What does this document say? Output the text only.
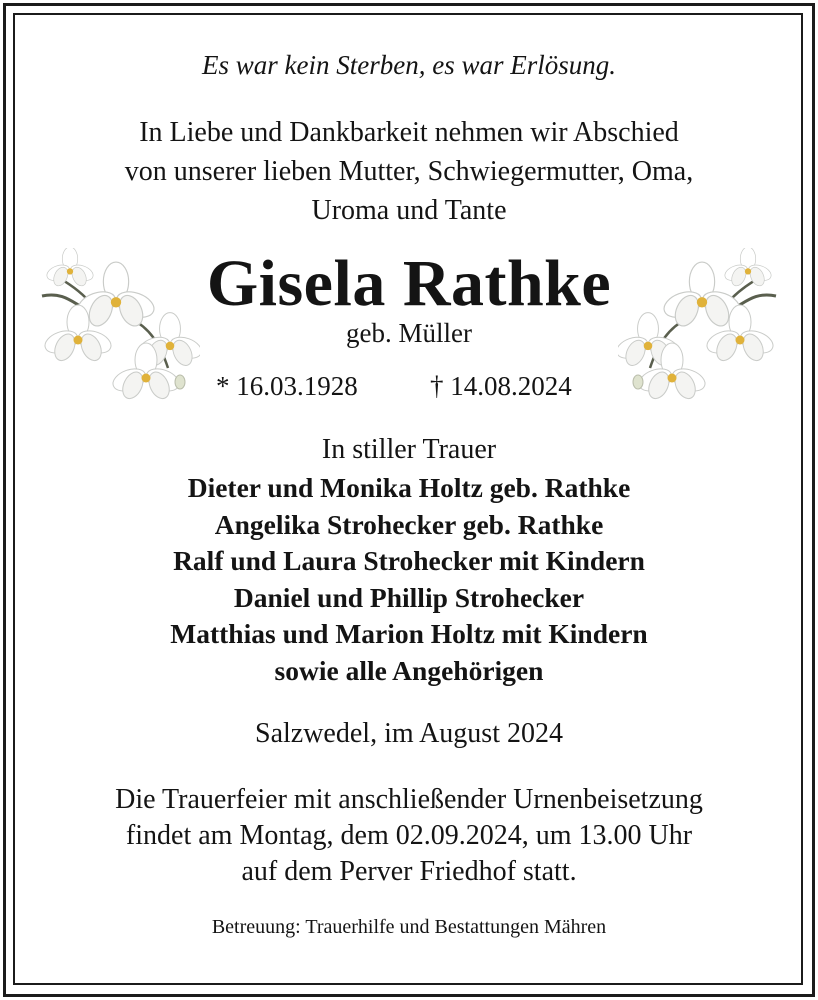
Es war kein Sterben, es war Erlösung.
In Liebe und Dankbarkeit nehmen wir Abschied
von unserer lieben Mutter, Schwiegermutter, Oma,
Uroma und Tante
Gisela Rathke
geb. Müller
* 16.03.1928	† 14.08.2024
In stiller Trauer
Dieter und Monika Holtz geb. Rathke
Angelika Strohecker geb. Rathke
Ralf und Laura Strohecker mit Kindern
Daniel und Phillip Strohecker
Matthias und Marion Holtz mit Kindern
sowie alle Angehörigen
Salzwedel, im August 2024
Die Trauerfeier mit anschließender Urnenbeisetzung
findet am Montag, dem 02.09.2024, um 13.00 Uhr
auf dem Perver Friedhof statt.
Betreuung: Trauerhilfe und Bestattungen Mähren
